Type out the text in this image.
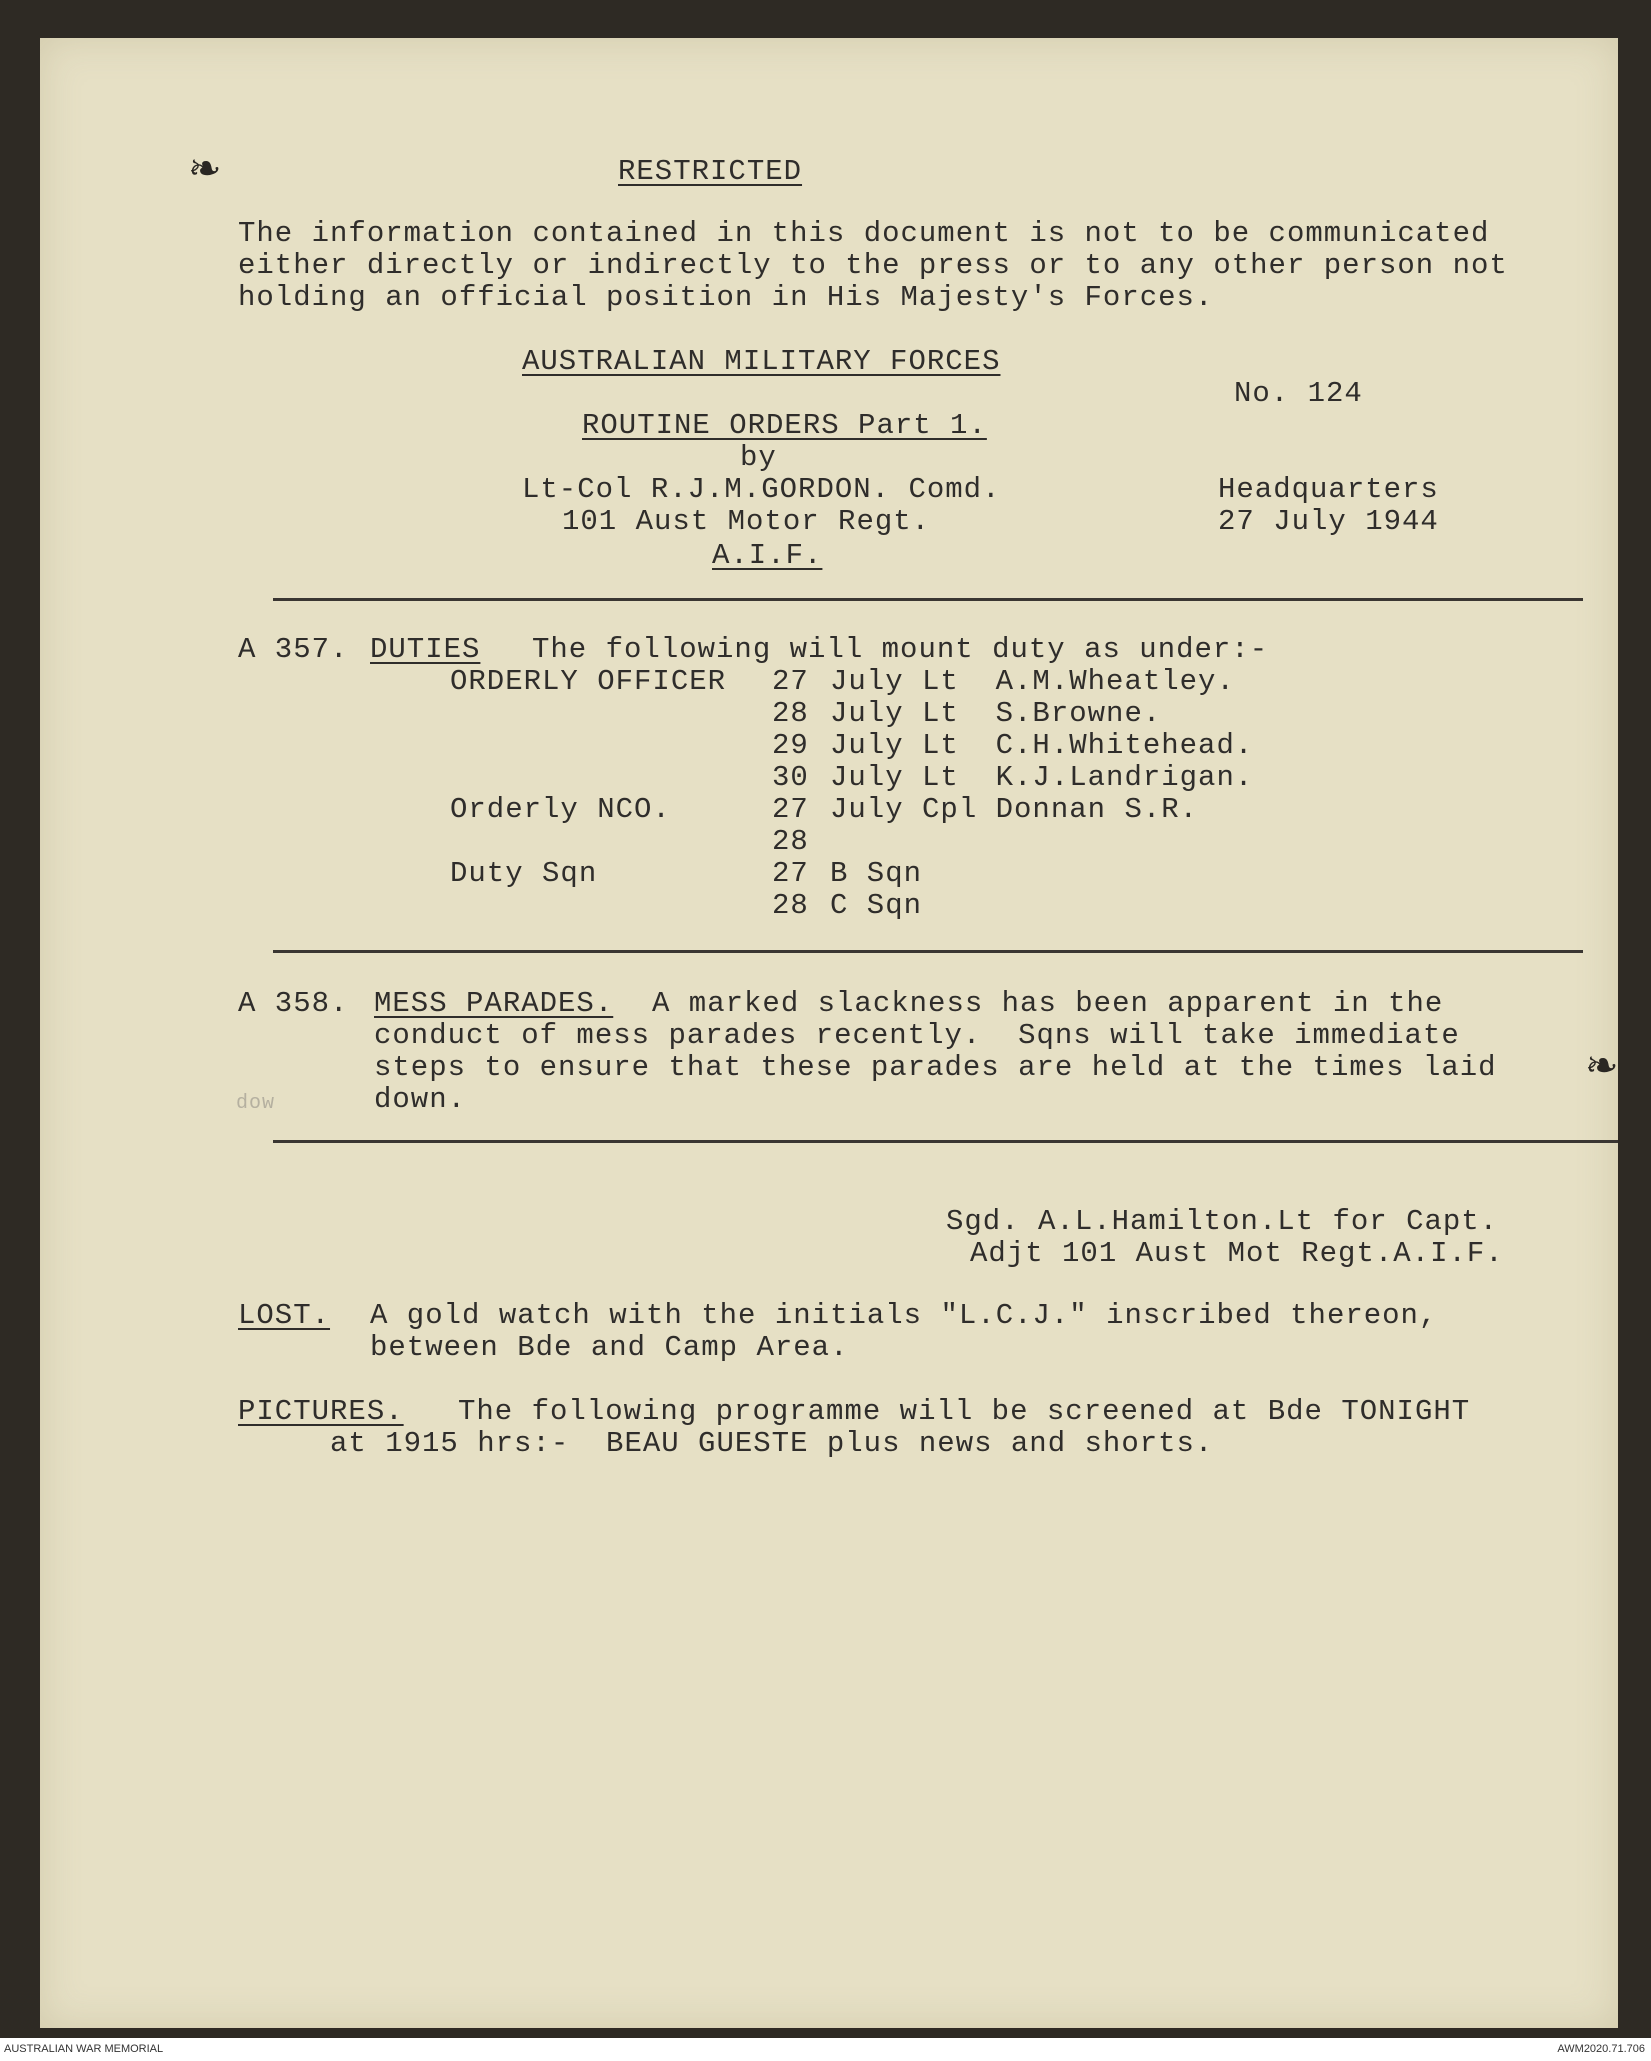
❧
❧
RESTRICTED
The information contained in this document is not to be communicated
either directly or indirectly to the press or to any other person not
holding an official position in His Majesty's Forces.
AUSTRALIAN MILITARY FORCES
No. 124
ROUTINE ORDERS Part 1.
by
Lt-Col R.J.M.GORDON. Comd.	Headquarters
101 Aust Motor Regt.	27 July 1944
A.I.F.
A 357. DUTIES The following will mount duty as under:-
ORDERLY OFFICER 27 July Lt  A.M.Wheatley.
28 July Lt  S.Browne.
29 July Lt  C.H.Whitehead.
30 July Lt  K.J.Landrigan.
Orderly NCO.	27 July Cpl Donnan S.R.
28
Duty Sqn	27 B Sqn
28 C Sqn
A 358. MESS PARADES. A marked slackness has been apparent in the
conduct of mess parades recently.  Sqns will take immediate
steps to ensure that these parades are held at the times laid
dow	down.
Sgd. A.L.Hamilton.Lt for Capt.
Adjt 101 Aust Mot Regt.A.I.F.
LOST. A gold watch with the initials "L.C.J." inscribed thereon,
between Bde and Camp Area.
PICTURES. The following programme will be screened at Bde TONIGHT
at 1915 hrs:-  BEAU GUESTE plus news and shorts.
AUSTRALIAN WAR MEMORIAL	AWM2020.71.706
